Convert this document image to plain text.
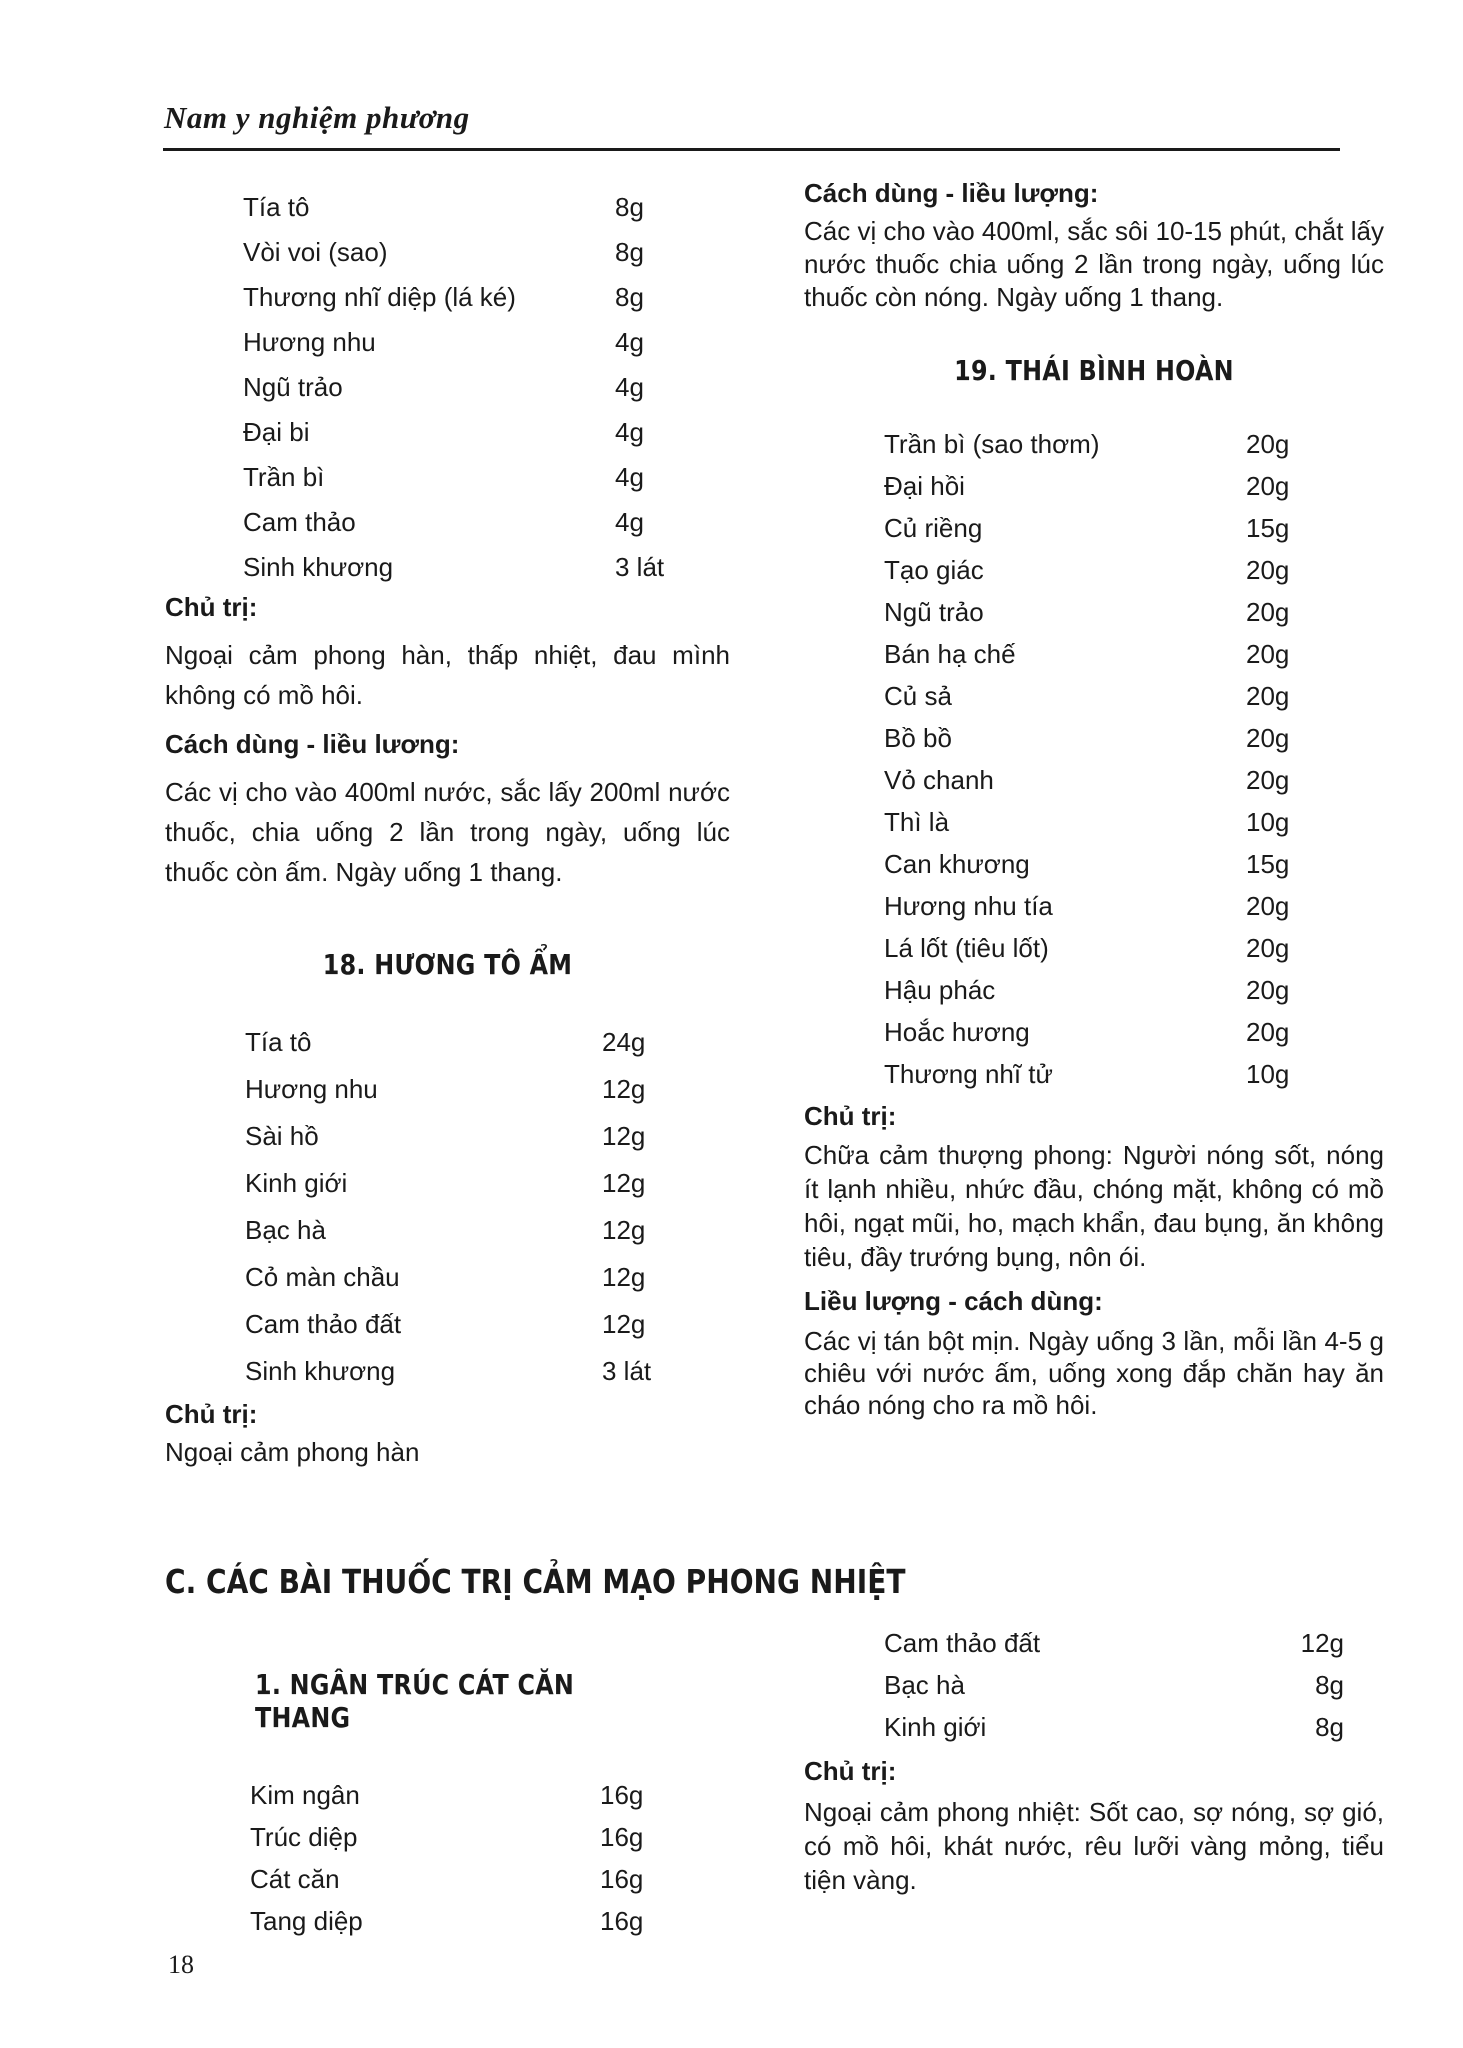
Nam y nghiệm phương
Tía tô	8g
Vòi voi (sao)	8g
Thương nhĩ diệp (lá ké)	8g
Hương nhu	4g
Ngũ trảo	4g
Đại bi	4g
Trần bì	4g
Cam thảo	4g
Sinh khương	3 lát

Chủ trị:

Ngoại cảm phong hàn, thấp nhiệt, đau mình không có mồ hôi.

Cách dùng - liều lương:

Các vị cho vào 400ml nước, sắc lấy 200ml nước thuốc, chia uống 2 lần trong ngày, uống lúc thuốc còn ấm. Ngày uống 1 thang.

18. HƯƠNG TÔ ẨM

Tía tô	24g
Hương nhu	12g
Sài hồ	12g
Kinh giới	12g
Bạc hà	12g
Cỏ màn chầu	12g
Cam thảo đất	12g
Sinh khương	3 lát

Chủ trị:

Ngoại cảm phong hàn

Cách dùng - liều lượng:

Các vị cho vào 400ml, sắc sôi 10-15 phút, chắt lấy nước thuốc chia uống 2 lần trong ngày, uống lúc thuốc còn nóng. Ngày uống 1 thang.

19. THÁI BÌNH HOÀN

Trần bì (sao thơm)	20g
Đại hồi	20g
Củ riềng	15g
Tạo giác	20g
Ngũ trảo	20g
Bán hạ chế	20g
Củ sả	20g
Bồ bồ	20g
Vỏ chanh	20g
Thì là	10g
Can khương	15g
Hương nhu tía	20g
Lá lốt (tiêu lốt)	20g
Hậu phác	20g
Hoắc hương	20g
Thương nhĩ tử	10g

Chủ trị:

Chữa cảm thượng phong: Người nóng sốt, nóng ít lạnh nhiều, nhức đầu, chóng mặt, không có mồ hôi, ngạt mũi, ho, mạch khẩn, đau bụng, ăn không tiêu, đầy trướng bụng, nôn ói.

Liều lượng - cách dùng:

Các vị tán bột mịn. Ngày uống 3 lần, mỗi lần 4-5 g chiêu với nước ấm, uống xong đắp chăn hay ăn cháo nóng cho ra mồ hôi.

C. CÁC BÀI THUỐC TRỊ CẢM MẠO PHONG NHIỆT

1. NGÂN TRÚC CÁT CĂN THANG

Kim ngân	16g
Trúc diệp	16g
Cát căn	16g
Tang diệp	16g
Cam thảo đất	12g
Bạc hà	8g
Kinh giới	8g

Chủ trị:

Ngoại cảm phong nhiệt: Sốt cao, sợ nóng, sợ gió, có mồ hôi, khát nước, rêu lưỡi vàng mỏng, tiểu tiện vàng.

18
